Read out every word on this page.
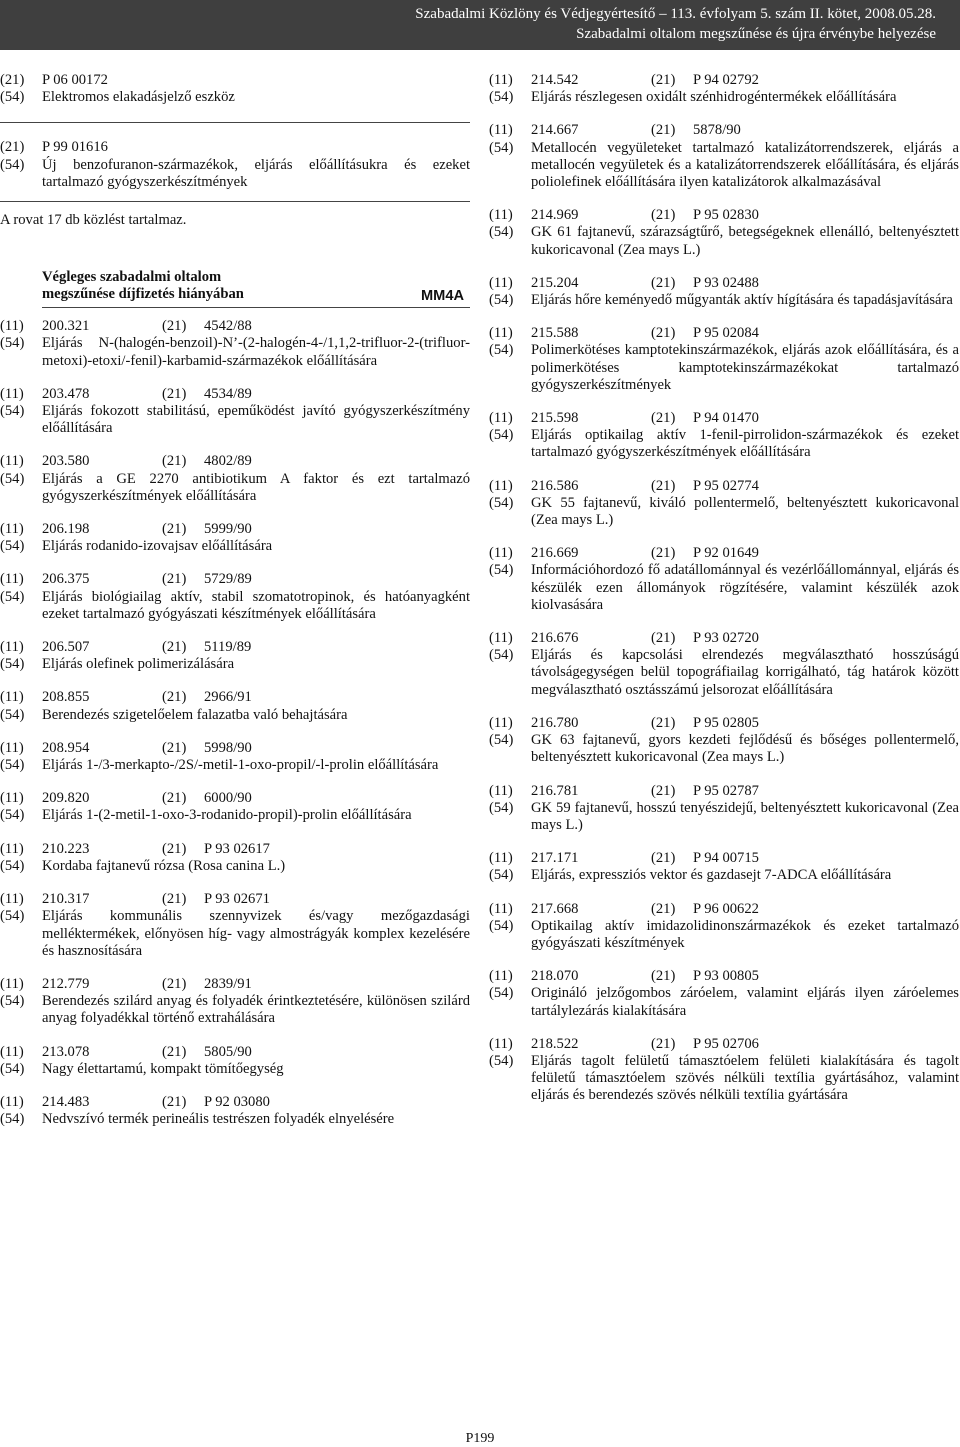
Szabadalmi Közlöny és Védjegyértesítő – 113. évfolyam 5. szám II. kötet, 2008.05.28.
Szabadalmi oltalom megszűnése és újra érvénybe helyezése
(21)	P 06 00172
(54)	Elektromos elakadásjelző eszköz
(21)	P 99 01616
(54)	Új benzofuranon-származékok, eljárás előállításukra és ezeket tartalmazó gyógyszerkészítmények
A rovat 17 db közlést tartalmaz.
Végleges szabadalmi oltalom
megszűnése díjfizetés hiányában	MM4A
(11)	200.321	(21)	4542/88
(54)	Eljárás N-(halogén-benzoil)-N’-(2-halogén-4-/1,1,2-trifluor-2-(trifluor-metoxi)-etoxi/-fenil)-karbamid-származékok előállítására
(11)	203.478	(21)	4534/89
(54)	Eljárás fokozott stabilitású, epeműködést javító gyógyszerkészítmény előállítására
(11)	203.580	(21)	4802/89
(54)	Eljárás a GE 2270 antibiotikum A faktor és ezt tartalmazó gyógyszerkészítmények előállítására
(11)	206.198	(21)	5999/90
(54)	Eljárás rodanido-izovajsav előállítására
(11)	206.375	(21)	5729/89
(54)	Eljárás biológiailag aktív, stabil szomatotropinok, és hatóanyagként ezeket tartalmazó gyógyászati készítmények előállítására
(11)	206.507	(21)	5119/89
(54)	Eljárás olefinek polimerizálására
(11)	208.855	(21)	2966/91
(54)	Berendezés szigetelőelem falazatba való behajtására
(11)	208.954	(21)	5998/90
(54)	Eljárás 1-/3-merkapto-/2S/-metil-1-oxo-propil/-l-prolin előállítására
(11)	209.820	(21)	6000/90
(54)	Eljárás 1-(2-metil-1-oxo-3-rodanido-propil)-prolin előállítására
(11)	210.223	(21)	P 93 02617
(54)	Kordaba fajtanevű rózsa (Rosa canina L.)
(11)	210.317	(21)	P 93 02671
(54)	Eljárás kommunális szennyvizek és/vagy mezőgazdasági melléktermékek, előnyösen híg- vagy almostrágyák komplex kezelésére és hasznosítására
(11)	212.779	(21)	2839/91
(54)	Berendezés szilárd anyag és folyadék érintkeztetésére, különösen szilárd anyag folyadékkal történő extrahálására
(11)	213.078	(21)	5805/90
(54)	Nagy élettartamú, kompakt tömítőegység
(11)	214.483	(21)	P 92 03080
(54)	Nedvszívó termék perineális testrészen folyadék elnyelésére
(11)	214.542	(21)	P 94 02792
(54)	Eljárás részlegesen oxidált szénhidrogéntermékek előállítására
(11)	214.667	(21)	5878/90
(54)	Metallocén vegyületeket tartalmazó katalizátorrendszerek, eljárás a metallocén vegyületek és a katalizátorrendszerek előállítására, és eljárás poliolefinek előállítására ilyen katalizátorok alkalmazásával
(11)	214.969	(21)	P 95 02830
(54)	GK 61 fajtanevű, szárazságtűrő, betegségeknek ellenálló, beltenyésztett kukoricavonal (Zea mays L.)
(11)	215.204	(21)	P 93 02488
(54)	Eljárás hőre keményedő műgyanták aktív hígítására és tapadásjavítására
(11)	215.588	(21)	P 95 02084
(54)	Polimerkötéses kamptotekinszármazékok, eljárás azok előállítására, és a polimerkötéses kamptotekinszármazékokat tartalmazó gyógyszerkészítmények
(11)	215.598	(21)	P 94 01470
(54)	Eljárás optikailag aktív 1-fenil-pirrolidon-származékok és ezeket tartalmazó gyógyszerkészítmények előállítására
(11)	216.586	(21)	P 95 02774
(54)	GK 55 fajtanevű, kiváló pollentermelő, beltenyésztett kukoricavonal (Zea mays L.)
(11)	216.669	(21)	P 92 01649
(54)	Információhordozó fő adatállománnyal és vezérlőállománnyal, eljárás és készülék ezen állományok rögzítésére, valamint készülék azok kiolvasására
(11)	216.676	(21)	P 93 02720
(54)	Eljárás és kapcsolási elrendezés megválasztható hosszúságú távolságegységen belül topográfiailag korrigálható, tág határok között megválasztható osztásszámú jelsorozat előállítására
(11)	216.780	(21)	P 95 02805
(54)	GK 63 fajtanevű, gyors kezdeti fejlődésű és bőséges pollentermelő, beltenyésztett kukoricavonal (Zea mays L.)
(11)	216.781	(21)	P 95 02787
(54)	GK 59 fajtanevű, hosszú tenyészidejű, beltenyésztett kukoricavonal (Zea mays L.)
(11)	217.171	(21)	P 94 00715
(54)	Eljárás, expressziós vektor és gazdasejt 7-ADCA előállítására
(11)	217.668	(21)	P 96 00622
(54)	Optikailag aktív imidazolidinonszármazékok és ezeket tartalmazó gyógyászati készítmények
(11)	218.070	(21)	P 93 00805
(54)	Origináló jelzőgombos záróelem, valamint eljárás ilyen záróelemes tartálylezárás kialakítására
(11)	218.522	(21)	P 95 02706
(54)	Eljárás tagolt felületű támasztóelem felületi kialakítására és tagolt felületű támasztóelem szövés nélküli textília gyártásához, valamint eljárás és berendezés szövés nélküli textília gyártására
P199
